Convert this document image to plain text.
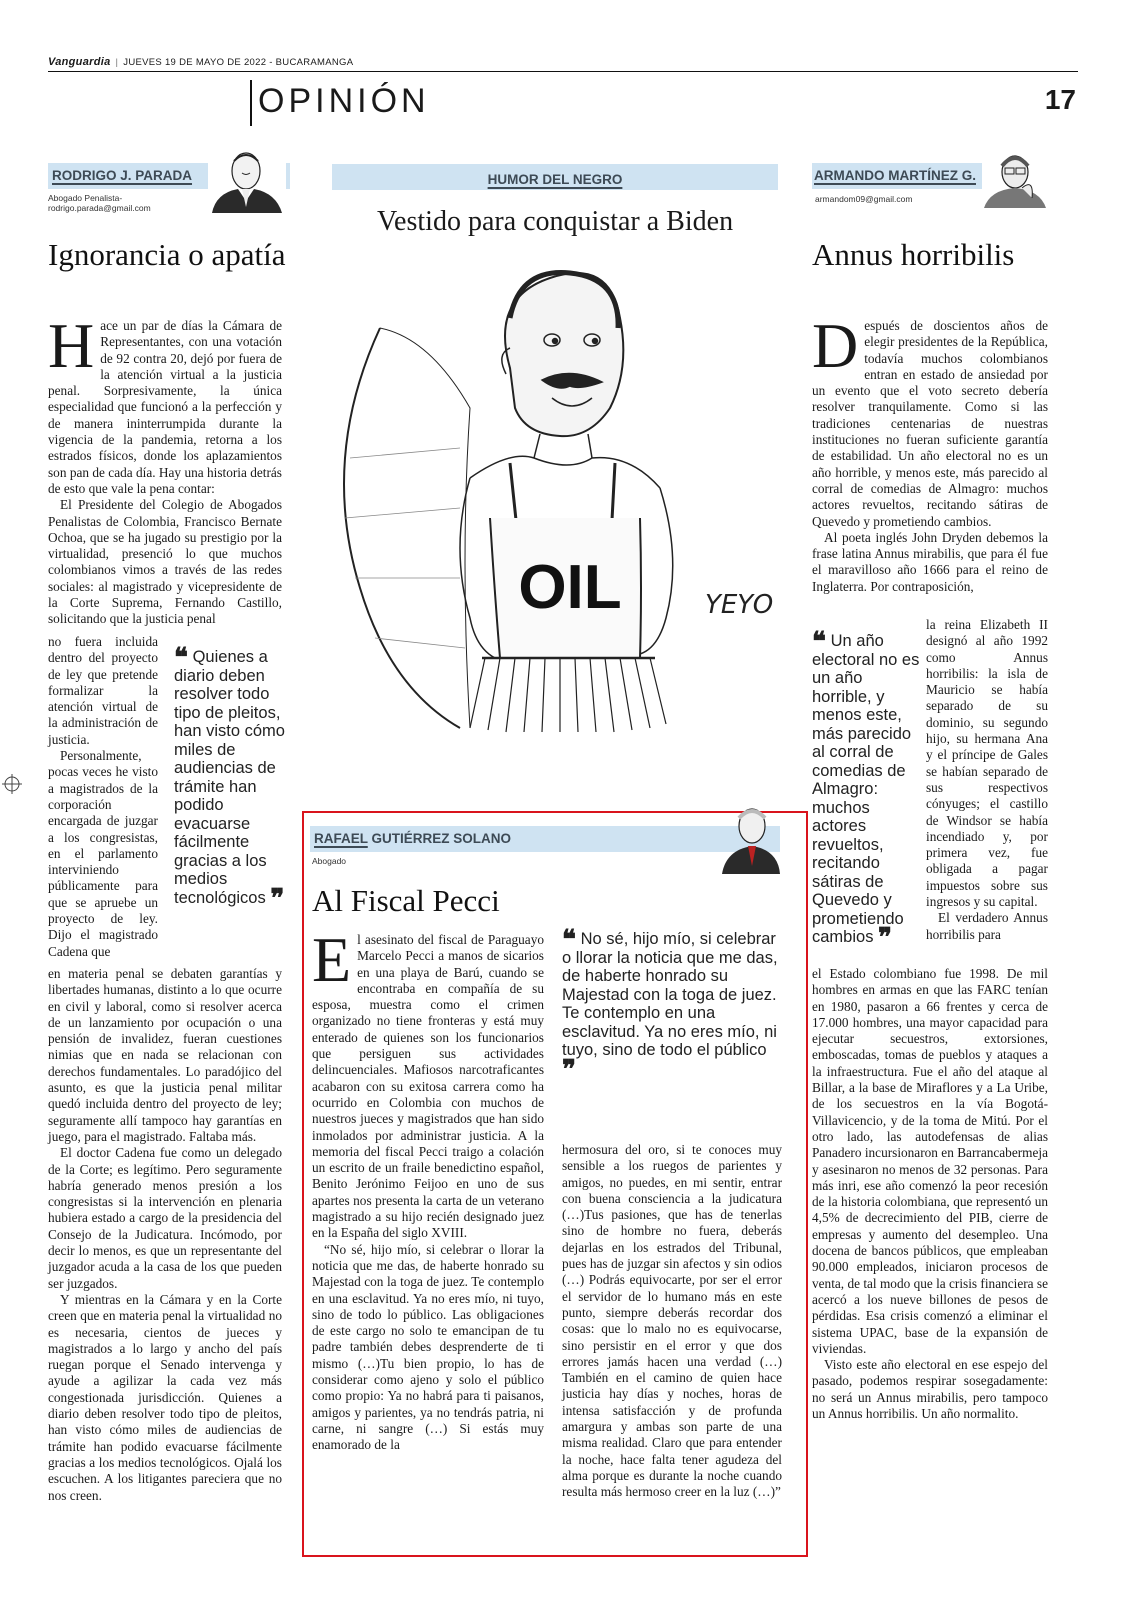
Vanguardia | JUEVES 19 DE MAYO DE 2022 - BUCARAMANGA
OPINIÓN	17
RODRIGO J. PARADA
Abogado Penalista- rodrigo.parada@gmail.com
Ignorancia o apatía
H ace un par de días la Cámara de Representantes, con una votación de 92 contra 20, dejó por fuera de la atención virtual a la justicia penal. Sorpresivamente, la única especialidad que funcionó a la perfección y de manera ininterrumpida durante la vigencia de la pandemia, retorna a los estrados físicos, donde los aplazamientos son pan de cada día. Hay una historia detrás de esto que vale la pena contar:

El Presidente del Colegio de Abogados Penalistas de Colombia, Francisco Bernate Ochoa, que se ha jugado su prestigio por la virtualidad, presenció lo que muchos colombianos vimos a través de las redes sociales: al magistrado y vicepresidente de la Corte Suprema, Fernando Castillo, solicitando que la justicia penal

no fuera incluida dentro del proyecto de ley que pretende formalizar la atención virtual de la administración de justicia.

Personalmente, pocas veces he visto a magistrados de la corporación encargada de juzgar a los congresistas, en el parlamento interviniendo públicamente para que se apruebe un proyecto de ley. Dijo el magistrado Cadena que

❝ Quienes a diario deben resolver todo tipo de pleitos, han visto cómo miles de audiencias de trámite han podido evacuarse fácilmente gracias a los medios tecnológicos ❞

en materia penal se debaten garantías y libertades humanas, distinto a lo que ocurre en civil y laboral, como si resolver acerca de un lanzamiento por ocupación o una pensión de invalidez, fueran cuestiones nimias que en nada se relacionan con derechos fundamentales. Lo paradójico del asunto, es que la justicia penal militar quedó incluida dentro del proyecto de ley; seguramente allí tampoco hay garantías en juego, para el magistrado. Faltaba más.

El doctor Cadena fue como un delegado de la Corte; es legítimo. Pero seguramente habría generado menos presión a los congresistas si la intervención en plenaria hubiera estado a cargo de la presidencia del Consejo de la Judicatura. Incómodo, por decir lo menos, es que un representante del juzgador acuda a la casa de los que pueden ser juzgados.

Y mientras en la Cámara y en la Corte creen que en materia penal la virtualidad no es necesaria, cientos de jueces y magistrados a lo largo y ancho del país ruegan porque el Senado intervenga y ayude a agilizar la cada vez más congestionada jurisdicción. Quienes a diario deben resolver todo tipo de pleitos, han visto cómo miles de audiencias de trámite han podido evacuarse fácilmente gracias a los medios tecnológicos. Ojalá los escuchen. A los litigantes pareciera que no nos creen.

$_{HUMOR DEL NEGRO}$
Vestido para conquistar a Biden
OIL	YEYO
ARMANDO MARTÍNEZ G.
armandom09@gmail.com
Annus horribilis
D espués de doscientos años de elegir presidentes de la República, todavía muchos colombianos entran en estado de ansiedad por un evento que el voto secreto debería resolver tranquilamente. Como si las tradiciones centenarias de nuestras instituciones no fueran suficiente garantía de estabilidad. Un año electoral no es un año horrible, y menos este, más parecido al corral de comedias de Almagro: muchos actores revueltos, recitando sátiras de Quevedo y prometiendo cambios.

Al poeta inglés John Dryden debemos la frase latina Annus mirabilis, que para él fue el maravilloso año 1666 para el reino de Inglaterra. Por contraposición,

❝ Un año electoral no es un año horrible, y menos este, más parecido al corral de comedias de Almagro: muchos actores revueltos, recitando sátiras de Quevedo y prometiendo cambios ❞

la reina Elizabeth II designó al año 1992 como Annus horribilis: la isla de Mauricio se había separado de su dominio, su segundo hijo, su hermana Ana y el príncipe de Gales se habían separado de sus respectivos cónyuges; el castillo de Windsor se había incendiado y, por primera vez, fue obligada a pagar impuestos sobre sus ingresos y su capital.

El verdadero Annus horribilis para

el Estado colombiano fue 1998. De mil hombres en armas en que las FARC tenían en 1980, pasaron a 66 frentes y cerca de 17.000 hombres, una mayor capacidad para ejecutar secuestros, extorsiones, emboscadas, tomas de pueblos y ataques a la infraestructura. Fue el año del ataque al Billar, a la base de Miraflores y a La Uribe, de los secuestros en la vía Bogotá-Villavicencio, y de la toma de Mitú. Por el otro lado, las autodefensas de alias Panadero incursionaron en Barrancabermeja y asesinaron no menos de 32 personas. Para más inri, ese año comenzó la peor recesión de la historia colombiana, que representó un 4,5% de decrecimiento del PIB, cierre de empresas y aumento del desempleo. Una docena de bancos públicos, que empleaban 90.000 empleados, iniciaron procesos de venta, de tal modo que la crisis financiera se acercó a los nueve billones de pesos de pérdidas. Esa crisis comenzó a eliminar el sistema UPAC, base de la expansión de viviendas.

Visto este año electoral en ese espejo del pasado, podemos respirar sosegadamente: no será un Annus mirabilis, pero tampoco un Annus horribilis. Un año normalito.

RAFAEL GUTIÉRREZ SOLANO
Abogado
Al Fiscal Pecci
E l asesinato del fiscal de Paraguayo Marcelo Pecci a manos de sicarios en una playa de Barú, cuando se encontraba en compañía de su esposa, muestra como el crimen organizado no tiene fronteras y está muy enterado de quienes son los funcionarios que persiguen sus actividades delincuenciales. Mafiosos narcotraficantes acabaron con su exitosa carrera como ha ocurrido en Colombia con muchos de nuestros jueces y magistrados que han sido inmolados por administrar justicia. A la memoria del fiscal Pecci traigo a colación un escrito de un fraile benedictino español, Benito Jerónimo Feijoo en uno de sus apartes nos presenta la carta de un veterano magistrado a su hijo recién designado juez en la España del siglo XVIII.

“No sé, hijo mío, si celebrar o llorar la noticia que me das, de haberte honrado su Majestad con la toga de juez. Te contemplo en una esclavitud. Ya no eres mío, ni tuyo, sino de todo lo público. Las obligaciones de este cargo no solo te emancipan de tu padre también debes desprenderte de ti mismo (…)Tu bien propio, lo has de considerar como ajeno y solo el público como propio: Ya no habrá para ti paisanos, amigos y parientes, ya no tendrás patria, ni carne, ni sangre (…) Si estás muy enamorado de la

❝ No sé, hijo mío, si celebrar o llorar la noticia que me das, de haberte honrado su Majestad con la toga de juez. Te contemplo en una esclavitud. Ya no eres mío, ni tuyo, sino de todo el público ❞

hermosura del oro, si te conoces muy sensible a los ruegos de parientes y amigos, no puedes, en mi sentir, entrar con buena consciencia a la judicatura (…)Tus pasiones, que has de tenerlas sino de hombre no fuera, deberás dejarlas en los estrados del Tribunal, pues has de juzgar sin afectos y sin odios (…) Podrás equivocarte, por ser el error el servidor de lo humano más en este punto, siempre deberás recordar dos cosas: que lo malo no es equivocarse, sino persistir en el error y que dos errores jamás hacen una verdad (…) También en el camino de quien hace justicia hay días y noches, horas de intensa satisfacción y de profunda amargura y ambas son parte de una misma realidad. Claro que para entender la noche, hace falta tener agudeza del alma porque es durante la noche cuando resulta más hermoso creer en la luz (…)”
